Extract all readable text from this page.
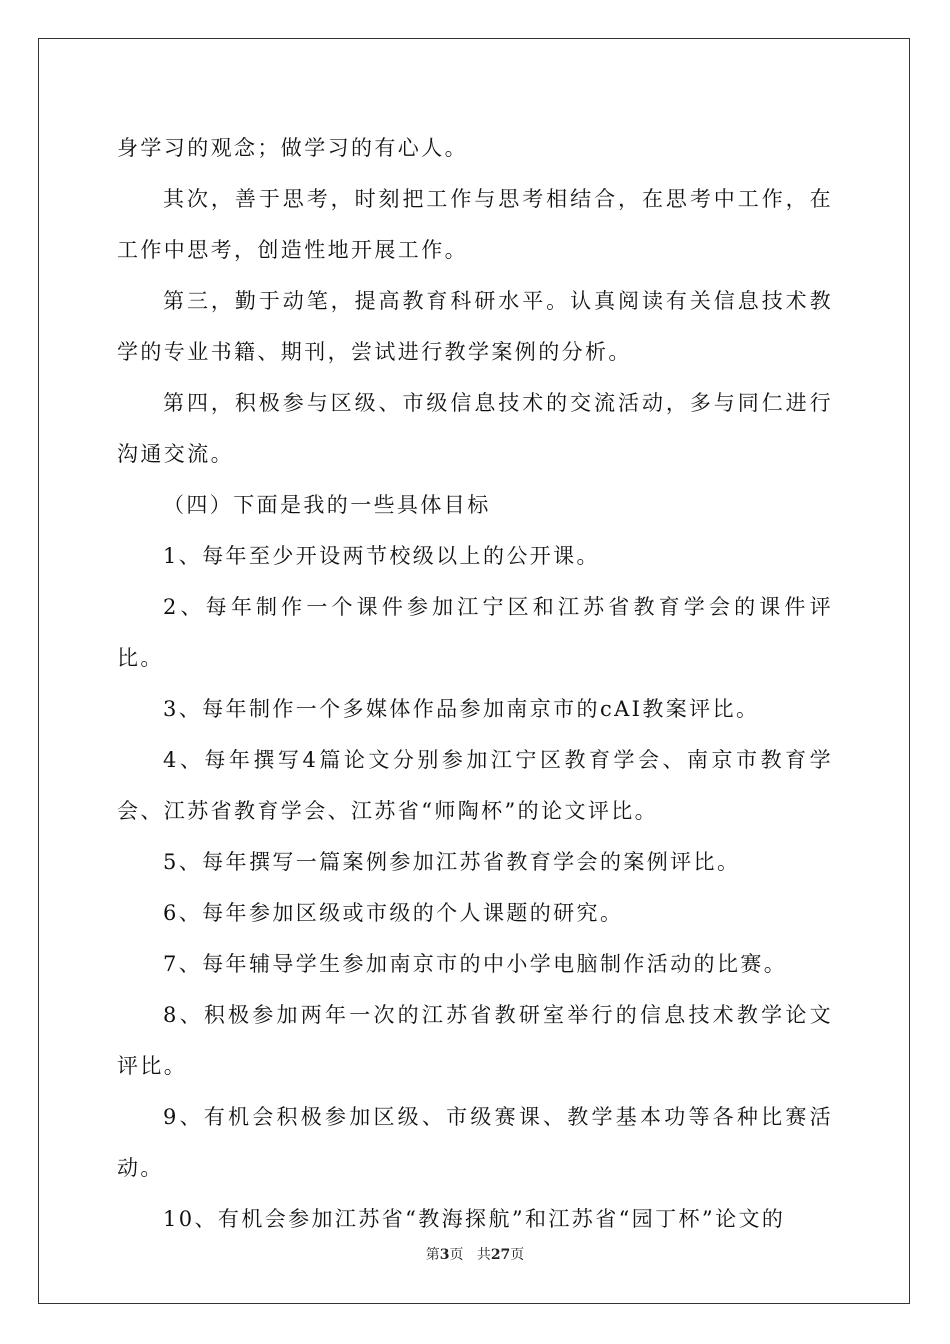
身学习的观念；做学习的有心人。

其次，善于思考，时刻把工作与思考相结合，在思考中工作，在工作中思考，创造性地开展工作。

第三，勤于动笔，提高教育科研水平。认真阅读有关信息技术教学的专业书籍、期刊，尝试进行教学案例的分析。

第四，积极参与区级、市级信息技术的交流活动，多与同仁进行沟通交流。

（四）下面是我的一些具体目标

1、每年至少开设两节校级以上的公开课。

2、每年制作一个课件参加江宁区和江苏省教育学会的课件评比。

3、每年制作一个多媒体作品参加南京市的cAI教案评比。

4、每年撰写4篇论文分别参加江宁区教育学会、南京市教育学会、江苏省教育学会、江苏省“师陶杯”的论文评比。

5、每年撰写一篇案例参加江苏省教育学会的案例评比。

6、每年参加区级或市级的个人课题的研究。

7、每年辅导学生参加南京市的中小学电脑制作活动的比赛。

8、积极参加两年一次的江苏省教研室举行的信息技术教学论文评比。

9、有机会积极参加区级、市级赛课、教学基本功等各种比赛活动。

10、有机会参加江苏省“教海探航”和江苏省“园丁杯”论文的

第3页 共27页
